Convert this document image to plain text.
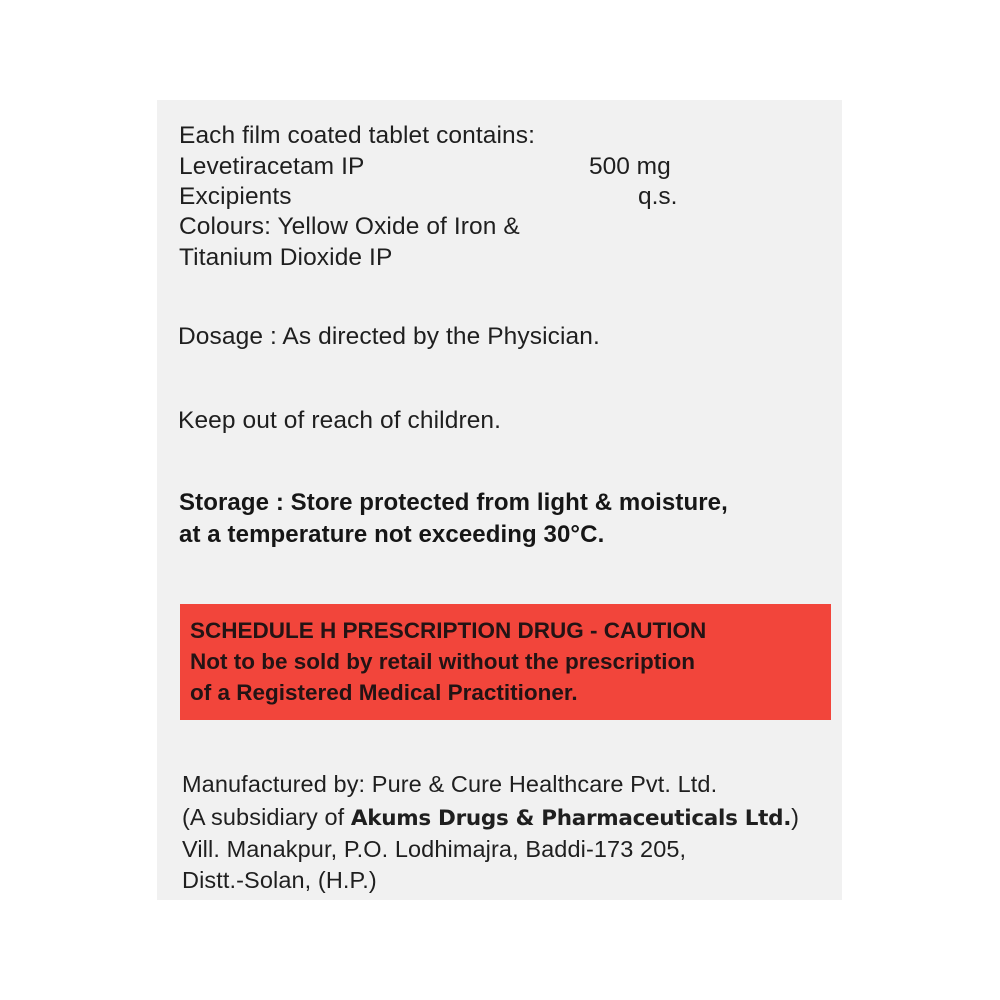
Each film coated tablet contains:
Levetiracetam IP	500 mg
Excipients	q.s.
Colours: Yellow Oxide of Iron &
Titanium Dioxide IP
Dosage : As directed by the Physician.
Keep out of reach of children.
Storage : Store protected from light & moisture,
at a temperature not exceeding 30°C.
SCHEDULE H PRESCRIPTION DRUG - CAUTION
Not to be sold by retail without the prescription
of a Registered Medical Practitioner.
Manufactured by: Pure & Cure Healthcare Pvt. Ltd.
(A subsidiary of Akums Drugs & Pharmaceuticals Ltd.)
Vill. Manakpur, P.O. Lodhimajra, Baddi-173 205,
Distt.-Solan, (H.P.)
